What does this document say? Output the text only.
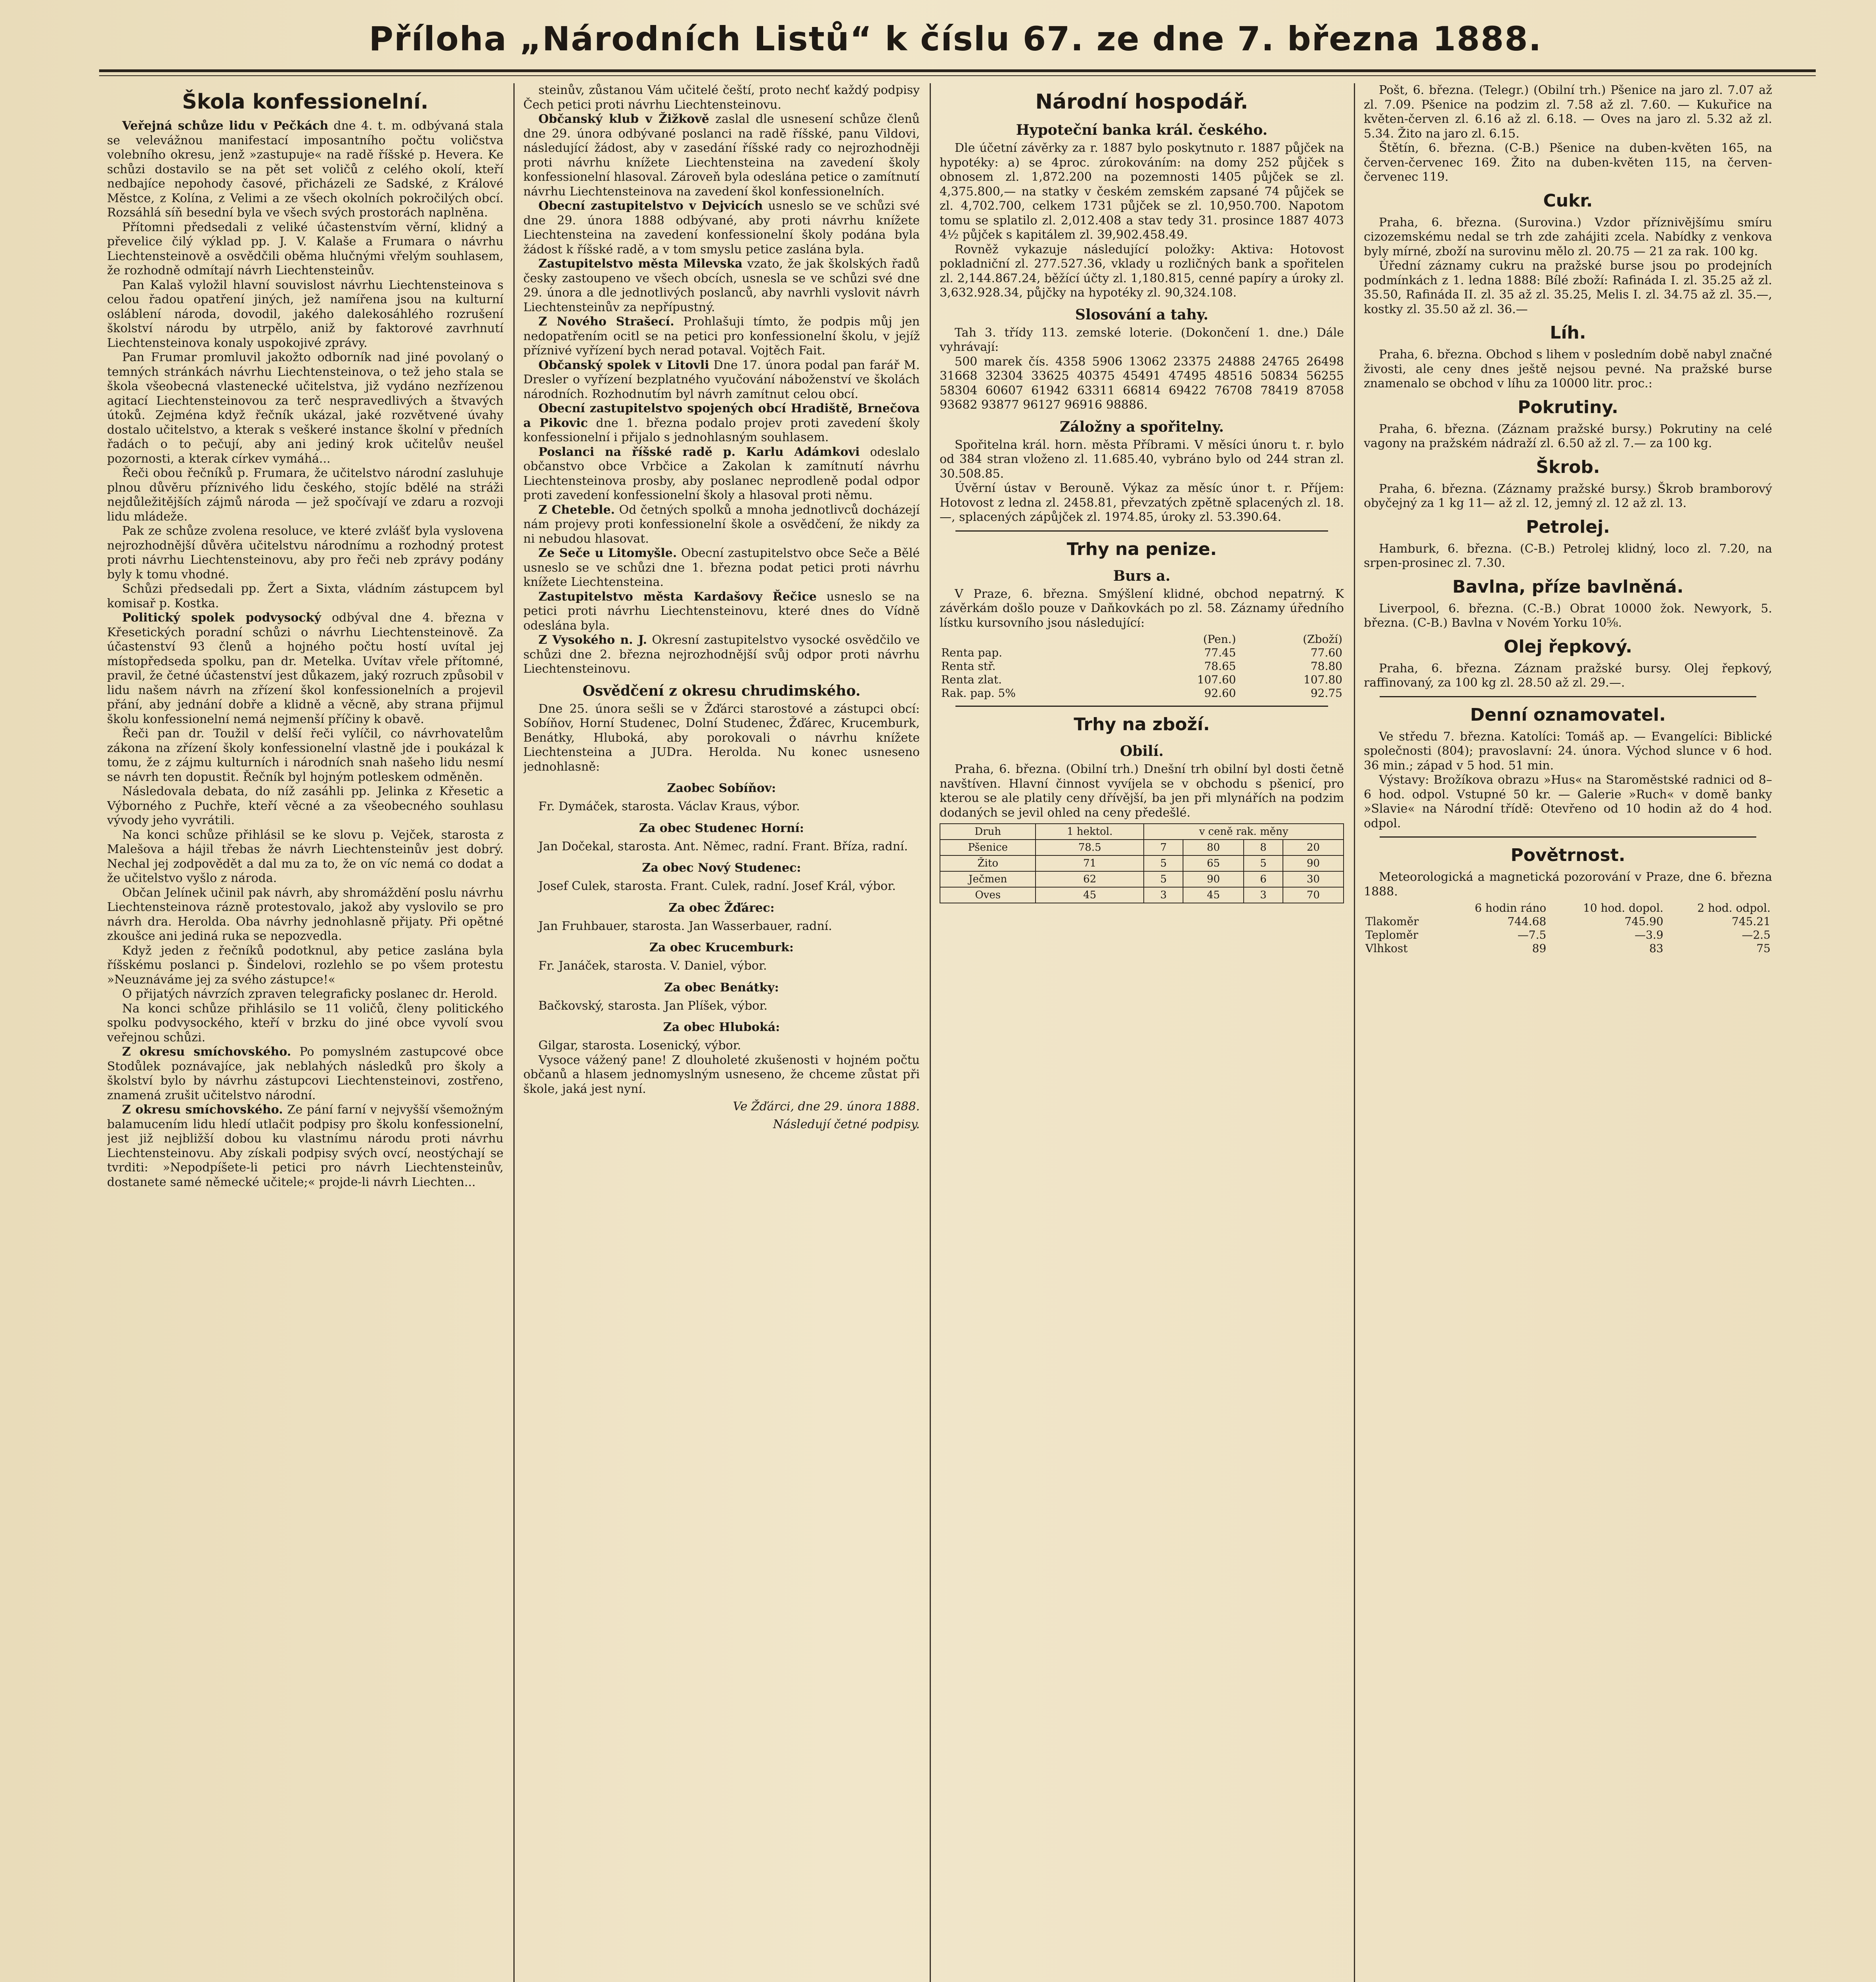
Příloha „Národních Listů“ k číslu 67. ze dne 7. března 1888.
Škola konfessionelní.

Veřejná schůze lidu v Pečkách dne 4. t. m. odbývaná stala se velevážnou manifestací imposantního počtu voličstva volebního okresu, jenž »zastupuje« na radě říšské p. Hevera. Ke schůzi dostavilo se na pět set voličů z celého okolí, kteří nedbajíce nepohody časové, přicházeli ze Sadské, z Králové Městce, z Kolína, z Velimi a ze všech okolních pokročilých obcí. Rozsáhlá síň besední byla ve všech svých prostorách naplněna.

Přítomni předsedali z veliké účastenstvím věrní, klidný a převelice čilý výklad pp. J. V. Kalaše a Frumara o návrhu Liechtensteinově a osvědčili oběma hlučnými vřelým souhlasem, že rozhodně odmítají návrh Liechtensteinův.

Pan Kalaš vyložil hlavní souvislost návrhu Liechtensteinova s celou řadou opatření jiných, jež namířena jsou na kulturní osláblení národa, dovodil, jakého dalekosáhlého rozrušení školství národu by utrpělo, aniž by faktorové zavrhnutí Liechtensteinova konaly uspokojivé zprávy.

Pan Frumar promluvil jakožto odborník nad jiné povolaný o temných stránkách návrhu Liechtensteinova, o tež jeho stala se škola všeobecná vlastenecké učitelstva, již vydáno nezřízenou agitací Liechtensteinovou za terč nespravedlivých a štvavých útoků. Zejména když řečník ukázal, jaké rozvětvené úvahy dostalo učitelstvo, a kterak s veškeré instance školní v předních řadách o to pečují, aby ani jediný krok učitelův neušel pozornosti, a kterak církev vymáhá...

Řeči obou řečníků p. Frumara, že učitelstvo národní zasluhuje plnou důvěru příznivého lidu českého, stojíc bdělé na stráži nejdůležitějších zájmů národa — jež spočívají ve zdaru a rozvoji lidu mládeže.

Pak ze schůze zvolena resoluce, ve které zvlášť byla vyslovena nejrozhodnější důvěra učitelstvu národnímu a rozhodný protest proti návrhu Liechtensteinovu, aby pro řeči neb zprávy podány byly k tomu vhodné.

Schůzi předsedali pp. Žert a Sixta, vládním zástupcem byl komisař p. Kostka.

Politický spolek podvysocký odbýval dne 4. března v Křesetických poradní schůzi o návrhu Liechtensteinově. Za účastenství 93 členů a hojného počtu hostí uvítal jej místopředseda spolku, pan dr. Metelka. Uvítav vřele přítomné, pravil, že četné účastenství jest důkazem, jaký rozruch způsobil v lidu našem návrh na zřízení škol konfessionelních a projevil přání, aby jednání dobře a klidně a věcně, aby strana přijmul školu konfessionelní nemá nejmenší příčiny k obavě.

Řeči pan dr. Toužil v delší řeči vylíčil, co návrhovatelům zákona na zřízení školy konfessionelní vlastně jde i poukázal k tomu, že z zájmu kulturních i národních snah našeho lidu nesmí se návrh ten dopustit. Řečník byl hojným potleskem odměněn.

Následovala debata, do níž zasáhli pp. Jelinka z Křesetic a Výborného z Puchře, kteří věcné a za všeobecného souhlasu vývody jeho vyvrátili.

Na konci schůze přihlásil se ke slovu p. Vejček, starosta z Malešova a hájil třebas že návrh Liechtensteinův jest dobrý. Nechal jej zodpovědět a dal mu za to, že on víc nemá co dodat a že učitelstvo vyšlo z národa.

Občan Jelínek učinil pak návrh, aby shromáždění poslu návrhu Liechtensteinova rázně protestovalo, jakož aby vyslovilo se pro návrh dra. Herolda. Oba návrhy jednohlasně přijaty. Při opětné zkoušce ani jediná ruka se nepozvedla.

Když jeden z řečníků podotknul, aby petice zaslána byla říšskému poslanci p. Šindelovi, rozlehlo se po všem protestu »Neuznáváme jej za svého zástupce!«

O přijatých návrzích zpraven telegraficky poslanec dr. Herold.

Na konci schůze přihlásilo se 11 voličů, členy politického spolku podvysockého, kteří v brzku do jiné obce vyvolí svou veřejnou schůzi.

Z okresu smíchovského. Po pomyslném zastupcové obce Stodůlek poznávajíce, jak neblahých následků pro školy a školství bylo by návrhu zástupcovi Liechtensteinovi, zostřeno, znamená zrušit učitelstvo národní.

Z okresu smíchovského. Ze pání farní v nejvyšší všemožným balamucením lidu hledí utlačit podpisy pro školu konfessionelní, jest již nejbližší dobou ku vlastnímu národu proti návrhu Liechtensteinovu. Aby získali podpisy svých ovcí, neostýchají se tvrditi: »Nepodpíšete-li petici pro návrh Liechtensteinův, dostanete samé německé učitele;« projde-li návrh Liechten...

steinův, zůstanou Vám učitelé čeští, proto nechť každý podpisy Čech petici proti návrhu Liechtensteinovu.

Občanský klub v Žižkově zaslal dle usnesení schůze členů dne 29. února odbývané poslanci na radě říšské, panu Vildovi, následující žádost, aby v zasedání říšské rady co nejrozhodněji proti návrhu knížete Liechtensteina na zavedení školy konfessionelní hlasoval. Zároveň byla odeslána petice o zamítnutí návrhu Liechtensteinova na zavedení škol konfessionelních.

Obecní zastupitelstvo v Dejvicích usneslo se ve schůzi své dne 29. února 1888 odbývané, aby proti návrhu knížete Liechtensteina na zavedení konfessionelní školy podána byla žádost k říšské radě, a v tom smyslu petice zaslána byla.

Zastupitelstvo města Milevska vzato, že jak školských řadů česky zastoupeno ve všech obcích, usnesla se ve schůzi své dne 29. února a dle jednotlivých poslanců, aby navrhli vyslovit návrh Liechtensteinův za nepřípustný.

Z Nového Strašecí. Prohlašuji tímto, že podpis můj jen nedopatřením ocitl se na petici pro konfessionelní školu, v jejíž příznivé vyřízení bych nerad potaval. Vojtěch Fait.

Občanský spolek v Litovli Dne 17. února podal pan farář M. Dresler o vyřízení bezplatného vyučování náboženství ve školách národních. Rozhodnutím byl návrh zamítnut celou obcí.

Obecní zastupitelstvo spojených obcí Hradiště, Brnečova a Pikovic dne 1. března podalo projev proti zavedení školy konfessionelní i přijalo s jednohlasným souhlasem.

Poslanci na říšské radě p. Karlu Adámkovi odeslalo občanstvo obce Vrbčice a Zakolan k zamítnutí návrhu Liechtensteinova prosby, aby poslanec neprodleně podal odpor proti zavedení konfessionelní školy a hlasoval proti němu.

Z Cheteble. Od četných spolků a mnoha jednotlivců docházejí nám projevy proti konfessionelní škole a osvědčení, že nikdy za ni nebudou hlasovat.

Ze Seče u Litomyšle. Obecní zastupitelstvo obce Seče a Bělé usneslo se ve schůzi dne 1. března podat petici proti návrhu knížete Liechtensteina.

Zastupitelstvo města Kardašovy Řečice usneslo se na petici proti návrhu Liechtensteinovu, které dnes do Vídně odeslána byla.

Z Vysokého n. J. Okresní zastupitelstvo vysocké osvědčilo ve schůzi dne 2. března nejrozhodnější svůj odpor proti návrhu Liechtensteinovu.

Osvědčení z okresu chrudimského.

Dne 25. února sešli se v Žďárci starostové a zástupci obcí: Sobíňov, Horní Studenec, Dolní Studenec, Žďárec, Krucemburk, Benátky, Hluboká, aby porokovali o návrhu knížete Liechtensteina a JUDra. Herolda. Nu konec usneseno jednohlasně:

Zaobec Sobíňov:

Fr. Dymáček, starosta. Václav Kraus, výbor.

Za obec Studenec Horní:

Jan Dočekal, starosta. Ant. Němec, radní. Frant. Bříza, radní.

Za obec Nový Studenec:

Josef Culek, starosta. Frant. Culek, radní. Josef Král, výbor.

Za obec Žďárec:

Jan Fruhbauer, starosta. Jan Wasserbauer, radní.

Za obec Krucemburk:

Fr. Janáček, starosta. V. Daniel, výbor.

Za obec Benátky:

Bačkovský, starosta. Jan Plíšek, výbor.

Za obec Hluboká:

Gilgar, starosta. Losenický, výbor.

Vysoce vážený pane! Z dlouholeté zkušenosti v hojném počtu občanů a hlasem jednomyslným usneseno, že chceme zůstat při škole, jaká jest nyní.

Ve Žďárci, dne 29. února 1888.
Následují četné podpisy.
Národní hospodář.
Hypoteční banka král. českého.

Dle účetní závěrky za r. 1887 bylo poskytnuto r. 1887 půjček na hypotéky: a) se 4proc. zúrokováním: na domy 252 půjček s obnosem zl. 1,872.200 na pozemnosti 1405 půjček se zl. 4,375.800,— na statky v českém zemském zapsané 74 půjček se zl. 4,702.700, celkem 1731 půjček se zl. 10,950.700. Napotom tomu se splatilo zl. 2,012.408 a stav tedy 31. prosince 1887 4073 4⅟₂ půjček s kapitálem zl. 39,902.458.49.

Rovněž vykazuje následující položky: Aktiva: Hotovost pokladniční zl. 277.527.36, vklady u rozličných bank a spořitelen zl. 2,144.867.24, běžící účty zl. 1,180.815, cenné papíry a úroky zl. 3,632.928.34, půjčky na hypotéky zl. 90,324.108.

Slosování a tahy.

Tah 3. třídy 113. zemské loterie. (Dokončení 1. dne.) Dále vyhrávají:

500 marek čís. 4358 5906 13062 23375 24888 24765 26498 31668 32304 33625 40375 45491 47495 48516 50834 56255 58304 60607 61942 63311 66814 69422 76708 78419 87058 93682 93877 96127 96916 98886.

Záložny a spořitelny.

Spořitelna král. horn. města Příbrami. V měsíci únoru t. r. bylo od 384 stran vloženo zl. 11.685.40, vybráno bylo od 244 stran zl. 30.508.85.

Úvěrní ústav v Berouně. Výkaz za měsíc únor t. r. Příjem: Hotovost z ledna zl. 2458.81, převzatých zpětně splacených zl. 18.—, splacených zápůjček zl. 1974.85, úroky zl. 53.390.64.

Trhy na penize.
Burs a.

V Praze, 6. března. Smýšlení klidné, obchod nepatrný. K závěrkám došlo pouze v Daňkovkách po zl. 58. Záznamy úředního lístku kursovního jsou následující:

	(Pen.)	(Zboží)
Renta pap.	77.45	77.60
Renta stř.	78.65	78.80
Renta zlat.	107.60	107.80
Rak. pap. 5%	92.60	92.75
Trhy na zboží.
Obilí.

Praha, 6. března. (Obilní trh.) Dnešní trh obilní byl dosti četně navštíven. Hlavní činnost vyvíjela se v obchodu s pšenicí, pro kterou se ale platily ceny dřívější, ba jen při mlynářích na podzim dodaných se jevil ohled na ceny předešlé.

Druh	1 hektol.	v ceně rak. měny			
Pšenice	78.5	7	80	8	20
Žito	71	5	65	5	90
Ječmen	62	5	90	6	30
Oves	45	3	45	3	70

Pošt, 6. března. (Telegr.) (Obilní trh.) Pšenice na jaro zl. 7.07 až zl. 7.09. Pšenice na podzim zl. 7.58 až zl. 7.60. — Kukuřice na květen-červen zl. 6.16 až zl. 6.18. — Oves na jaro zl. 5.32 až zl. 5.34. Žito na jaro zl. 6.15.

Štětín, 6. března. (C-B.) Pšenice na duben-květen 165, na červen-červenec 169. Žito na duben-květen 115, na červen-červenec 119.

Cukr.

Praha, 6. března. (Surovina.) Vzdor příznivějšímu smíru cizozemskému nedal se trh zde zahájiti zcela. Nabídky z venkova byly mírné, zboží na surovinu mělo zl. 20.75 — 21 za rak. 100 kg.

Úřední záznamy cukru na pražské burse jsou po prodejních podmínkách z 1. ledna 1888: Bílé zboží: Rafináda I. zl. 35.25 až zl. 35.50, Rafináda II. zl. 35 až zl. 35.25, Melis I. zl. 34.75 až zl. 35.—, kostky zl. 35.50 až zl. 36.—

Líh.

Praha, 6. března. Obchod s lihem v posledním době nabyl značné živosti, ale ceny dnes ještě nejsou pevné. Na pražské burse znamenalo se obchod v líhu za 10000 litr. proc.:

Pokrutiny.

Praha, 6. března. (Záznam pražské bursy.) Pokrutiny na celé vagony na pražském nádraží zl. 6.50 až zl. 7.— za 100 kg.

Škrob.

Praha, 6. března. (Záznamy pražské bursy.) Škrob bramborový obyčejný za 1 kg 11— až zl. 12, jemný zl. 12 až zl. 13.

Petrolej.

Hamburk, 6. března. (C-B.) Petrolej klidný, loco zl. 7.20, na srpen-prosinec zl. 7.30.

Bavlna, příze bavlněná.

Liverpool, 6. března. (C.-B.) Obrat 10000 žok. Newyork, 5. března. (C-B.) Bavlna v Novém Yorku 10⅝.

Olej řepkový.

Praha, 6. března. Záznam pražské bursy. Olej řepkový, raffinovaný, za 100 kg zl. 28.50 až zl. 29.—.

Denní oznamovatel.

Ve středu 7. března. Katolíci: Tomáš ap. — Evangelíci: Biblické společnosti (804); pravoslavní: 24. února. Východ slunce v 6 hod. 36 min.; západ v 5 hod. 51 min.

Výstavy: Brožíkova obrazu »Hus« na Staroměstské radnici od 8–6 hod. odpol. Vstupné 50 kr. — Galerie »Ruch« v domě banky »Slavie« na Národní třídě: Otevřeno od 10 hodin až do 4 hod. odpol.

Povětrnost.

Meteorologická a magnetická pozorování v Praze, dne 6. března 1888.

	6 hodin ráno	10 hod. dopol.	2 hod. odpol.
Tlakoměr	744.68	745.90	745.21
Teploměr	—7.5	—3.9	—2.5
Vlhkost	89	83	75
